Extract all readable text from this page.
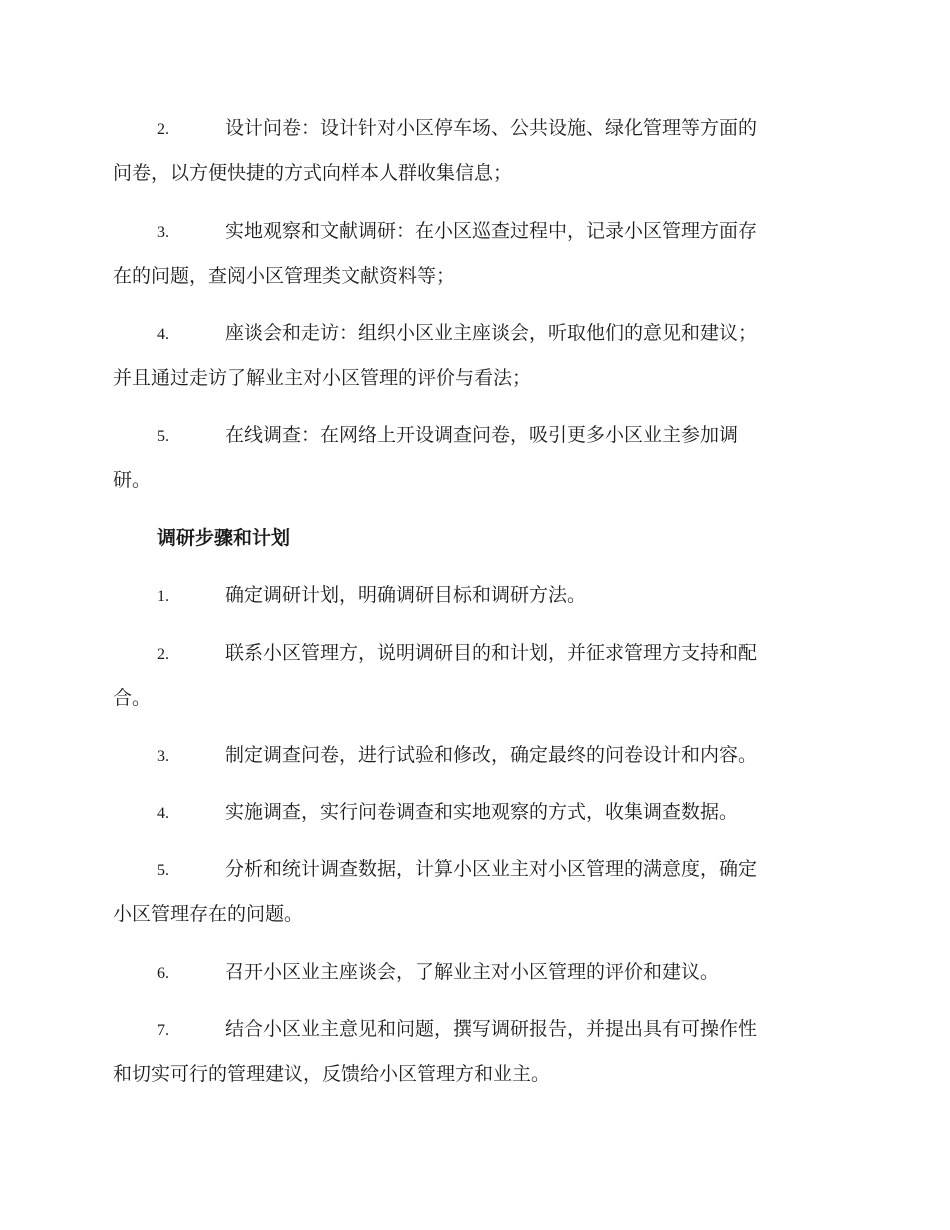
2.	设计问卷：设计针对小区停车场、公共设施、绿化管理等方面的
问卷，以方便快捷的方式向样本人群收集信息；
3.	实地观察和文献调研：在小区巡查过程中，记录小区管理方面存
在的问题，查阅小区管理类文献资料等；
4.	座谈会和走访：组织小区业主座谈会，听取他们的意见和建议；
并且通过走访了解业主对小区管理的评价与看法；
5.	在线调查：在网络上开设调查问卷，吸引更多小区业主参加调
研。
调研步骤和计划
1.	确定调研计划，明确调研目标和调研方法。
2.	联系小区管理方，说明调研目的和计划，并征求管理方支持和配
合。
3.	制定调查问卷，进行试验和修改，确定最终的问卷设计和内容。
4.	实施调查，实行问卷调查和实地观察的方式，收集调查数据。
5.	分析和统计调查数据，计算小区业主对小区管理的满意度，确定
小区管理存在的问题。
6.	召开小区业主座谈会，了解业主对小区管理的评价和建议。
7.	结合小区业主意见和问题，撰写调研报告，并提出具有可操作性
和切实可行的管理建议，反馈给小区管理方和业主。
